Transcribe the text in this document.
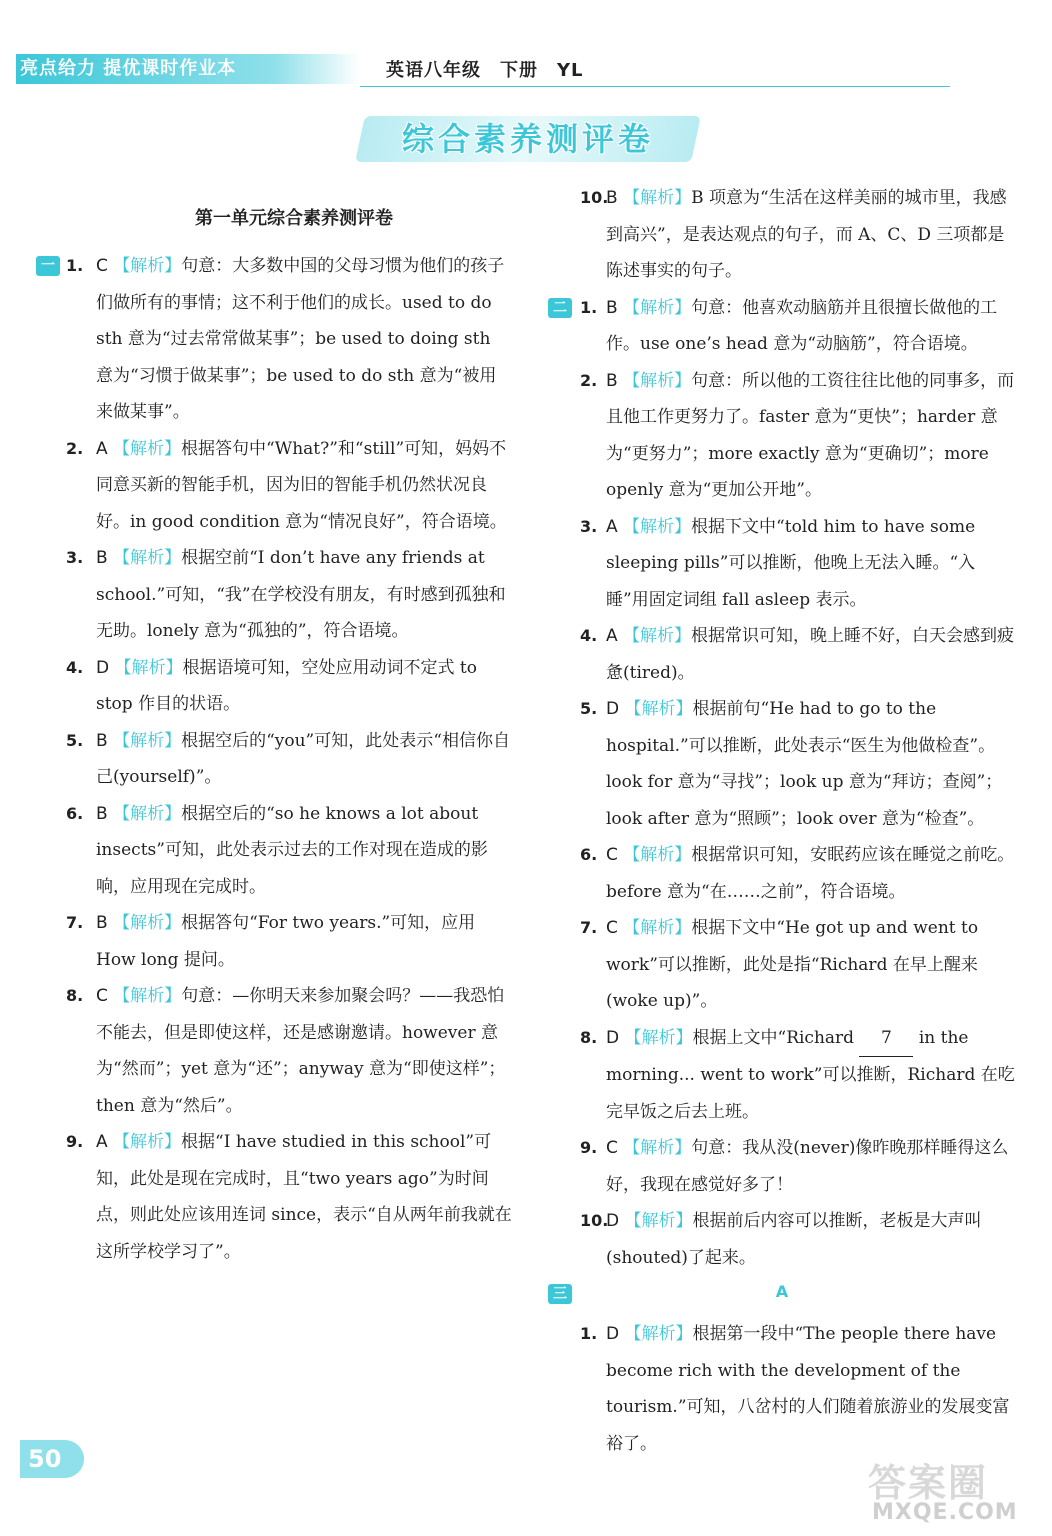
亮点给力 提优课时作业本	英语八年级　下册　YL
综合素养测评卷
第一单元综合素养测评卷
一 1. C 【解析】句意：大多数中国的父母习惯为他们的孩子们做所有的事情；这不利于他们的成长。used to do sth 意为“过去常常做某事”；be used to doing sth 意为“习惯于做某事”；be used to do sth 意为“被用来做某事”。
2. A 【解析】根据答句中“What?”和“still”可知，妈妈不同意买新的智能手机，因为旧的智能手机仍然状况良好。in good condition 意为“情况良好”，符合语境。
3. B 【解析】根据空前“I don’t have any friends at school.”可知，“我”在学校没有朋友，有时感到孤独和无助。lonely 意为“孤独的”，符合语境。
4. D 【解析】根据语境可知，空处应用动词不定式 to stop 作目的状语。
5. B 【解析】根据空后的“you”可知，此处表示“相信你自己(yourself)”。
6. B 【解析】根据空后的“so he knows a lot about insects”可知，此处表示过去的工作对现在造成的影响，应用现在完成时。
7. B 【解析】根据答句“For two years.”可知，应用 How long 提问。
8. C 【解析】句意：—你明天来参加聚会吗？——我恐怕不能去，但是即使这样，还是感谢邀请。however 意为“然而”；yet 意为“还”；anyway 意为“即使这样”；then 意为“然后”。
9. A 【解析】根据“I have studied in this school”可知，此处是现在完成时，且“two years ago”为时间点，则此处应该用连词 since，表示“自从两年前我就在这所学校学习了”。
10.
B 【解析】B 项意为“生活在这样美丽的城市里，我感到高兴”，是表达观点的句子，而 A、C、D 三项都是陈述事实的句子。
二 1. B 【解析】句意：他喜欢动脑筋并且很擅长做他的工作。use one’s head 意为“动脑筋”，符合语境。
2. B 【解析】句意：所以他的工资往往比他的同事多，而且他工作更努力了。faster 意为“更快”；harder 意为“更努力”；more exactly 意为“更确切”；more openly 意为“更加公开地”。
3. A 【解析】根据下文中“told him to have some sleeping pills”可以推断，他晚上无法入睡。“入睡”用固定词组 fall asleep 表示。
4. A 【解析】根据常识可知，晚上睡不好，白天会感到疲惫(tired)。
5. D 【解析】根据前句“He had to go to the hospital.”可以推断，此处表示“医生为他做检查”。look for 意为“寻找”；look up 意为“拜访；查阅”；look after 意为“照顾”；look over 意为“检查”。
6. C 【解析】根据常识可知，安眠药应该在睡觉之前吃。before 意为“在……之前”，符合语境。
7. C 【解析】根据下文中“He got up and went to work”可以推断，此处是指“Richard 在早上醒来(woke up)”。
8. D 【解析】根据上文中“Richard 7 in the morning... went to work”可以推断，Richard 在吃完早饭之后去上班。
9. C 【解析】句意：我从没(never)像昨晚那样睡得这么好，我现在感觉好多了！
10.
D 【解析】根据前后内容可以推断，老板是大声叫(shouted)了起来。
三	A
1. D 【解析】根据第一段中“The people there have become rich with the development of the tourism.”可知，八岔村的人们随着旅游业的发展变富裕了。
50
答案圈
MXQE.COM
